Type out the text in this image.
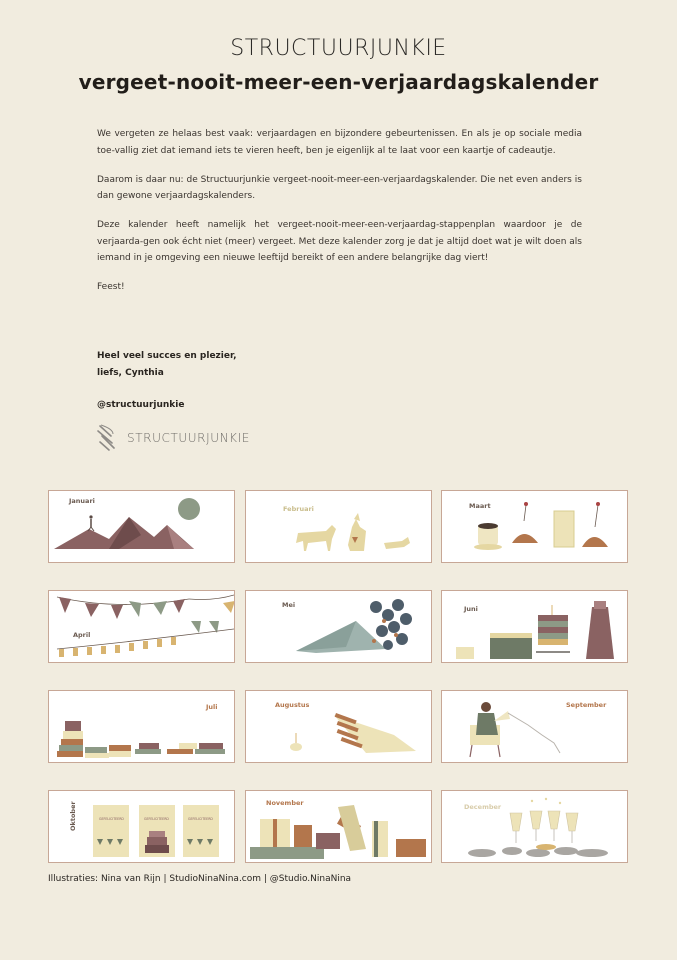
STRUCTUURJUNKIE
vergeet-nooit-meer-een-verjaardagskalender

We vergeten ze helaas best vaak: verjaardagen en bijzondere gebeurtenissen. En als je op sociale media toe-vallig ziet dat iemand iets te vieren heeft, ben je eigenlijk al te laat voor een kaartje of cadeautje.

Daarom is daar nu: de Structuurjunkie vergeet-nooit-meer-een-verjaardagskalender. Die net even anders is dan gewone verjaardagskalenders.

Deze kalender heeft namelijk het vergeet-nooit-meer-een-verjaardag-stappenplan waardoor je de verjaarda-gen ook écht niet (meer) vergeet. Met deze kalender zorg je dat je altijd doet wat je wilt doen als iemand in je omgeving een nieuwe leeftijd bereikt of een andere belangrijke dag viert!

Feest!

Heel veel succes en plezier,
liefs, Cynthia
@structuurjunkie
STRUCTUURJUNKIE
Januari
Februari	Maart
April
Mei	Juni
Juli	Augustus	September
Oktober	GEFELICITEERD	GEFELICITEERD	GEFELICITEERD
November	December
Illustraties: Nina van Rijn | StudioNinaNina.com | @Studio.NinaNina
